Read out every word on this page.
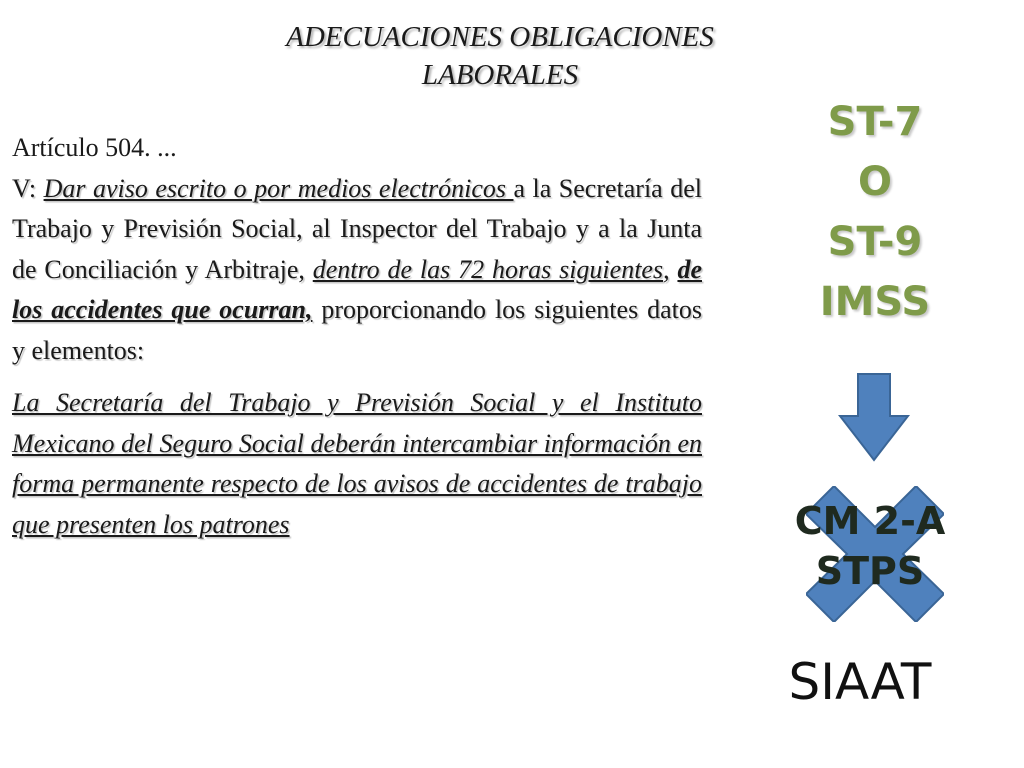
ADECUACIONES OBLIGACIONES
LABORALES

Artículo 504. ...

V: Dar aviso escrito o por medios electrónicos a la Secretaría del Trabajo y Previsión Social, al Inspector del Trabajo y a la Junta de Conciliación y Arbitraje, dentro de las 72 horas siguientes, de los accidentes que ocurran, proporcionando los siguientes datos y elementos:

La Secretaría del Trabajo y Previsión Social y el Instituto Mexicano del Seguro Social deberán intercambiar información en forma permanente respecto de los avisos de accidentes de trabajo que presenten los patrones

ST-7
O
ST-9
IMSS
CM 2-A
STPS
SIAAT
